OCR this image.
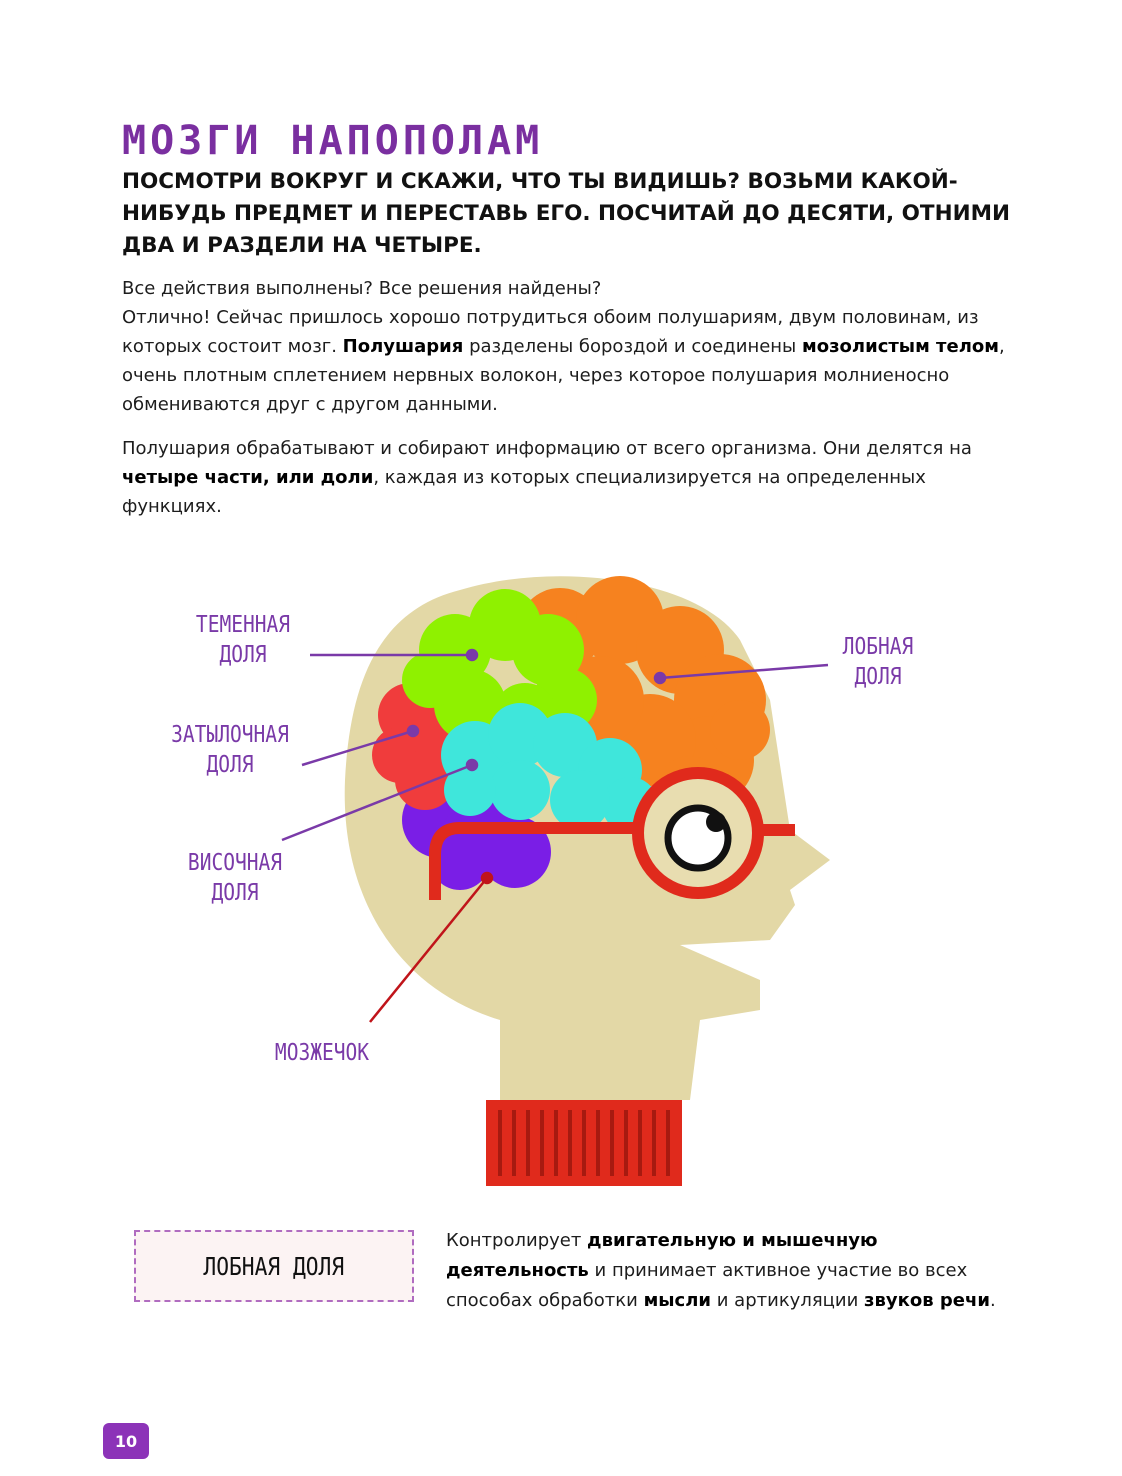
МОЗГИ НАПОПОЛАМ

ПОСМОТРИ ВОКРУГ И СКАЖИ, ЧТО ТЫ ВИДИШЬ? ВОЗЬМИ КАКОЙ-НИБУДЬ ПРЕДМЕТ И ПЕРЕСТАВЬ ЕГО. ПОСЧИТАЙ ДО ДЕСЯТИ, ОТНИМИ ДВА И РАЗДЕЛИ НА ЧЕТЫРЕ.

Все действия выполнены? Все решения найдены?
Отлично! Сейчас пришлось хорошо потрудиться обоим полушариям, двум половинам, из которых состоит мозг. Полушария разделены бороздой и соединены мозолистым телом, очень плотным сплетением нервных волокон, через которое полушария молниеносно обмениваются друг с другом данными.

Полушария обрабатывают и собирают информацию от всего организма. Они делятся на четыре части, или доли, каждая из которых специализируется на определенных функциях.

ТЕМЕННАЯ
ДОЛЯ
ЗАТЫЛОЧНАЯ
ДОЛЯ
ВИСОЧНАЯ
ДОЛЯ
МОЗЖЕЧОК
ЛОБНАЯ
ДОЛЯ
ЛОБНАЯ ДОЛЯ

Контролирует двигательную и мышечную деятельность и принимает активное участие во всех способах обработки мысли и артикуляции звуков речи.

10
